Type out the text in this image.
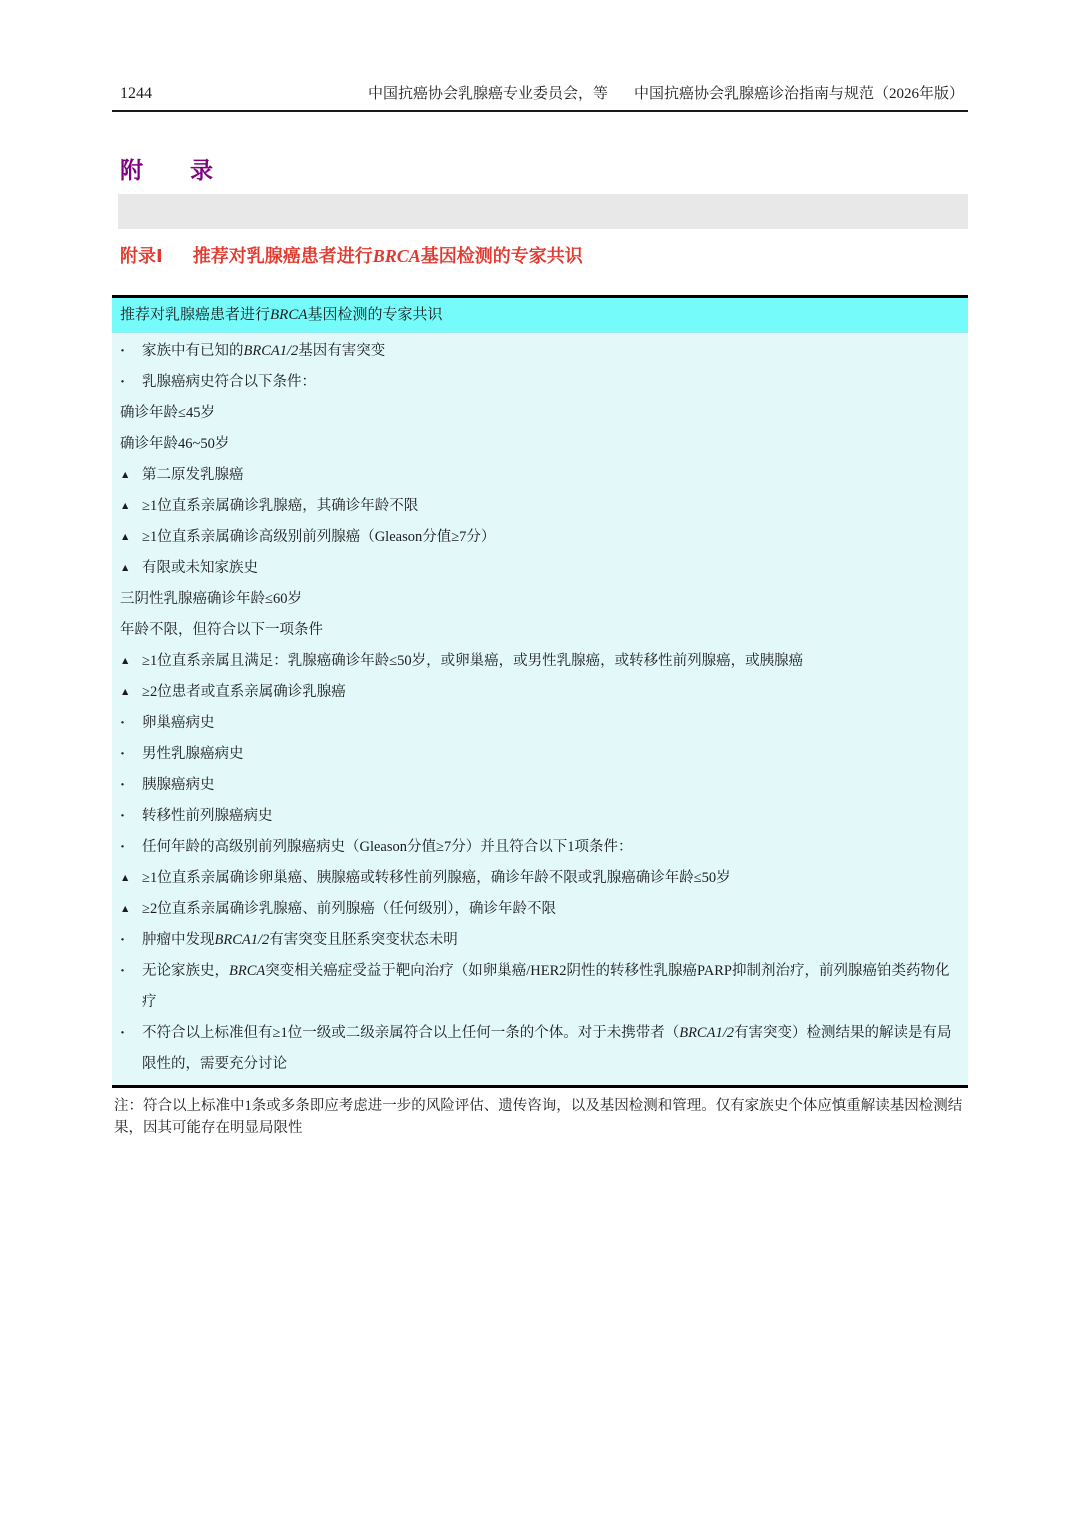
1244	中国抗癌协会乳腺癌专业委员会，等 中国抗癌协会乳腺癌诊治指南与规范（2026年版）
附　录
附录Ⅰ 推荐对乳腺癌患者进行BRCA基因检测的专家共识
推荐对乳腺癌患者进行BRCA基因检测的专家共识
·	家族中有已知的BRCA1/2基因有害突变
·	乳腺癌病史符合以下条件：
确诊年龄≤45岁
确诊年龄46~50岁
▲ 第二原发乳腺癌
▲ ≥1位直系亲属确诊乳腺癌，其确诊年龄不限
▲ ≥1位直系亲属确诊高级别前列腺癌（Gleason分值≥7分）
▲ 有限或未知家族史
三阴性乳腺癌确诊年龄≤60岁
年龄不限，但符合以下一项条件
▲ ≥1位直系亲属且满足：乳腺癌确诊年龄≤50岁，或卵巢癌，或男性乳腺癌，或转移性前列腺癌，或胰腺癌
▲ ≥2位患者或直系亲属确诊乳腺癌
·	卵巢癌病史
·	男性乳腺癌病史
·	胰腺癌病史
·	转移性前列腺癌病史
·	任何年龄的高级别前列腺癌病史（Gleason分值≥7分）并且符合以下1项条件：
▲ ≥1位直系亲属确诊卵巢癌、胰腺癌或转移性前列腺癌，确诊年龄不限或乳腺癌确诊年龄≤50岁
▲ ≥2位直系亲属确诊乳腺癌、前列腺癌（任何级别），确诊年龄不限
·	肿瘤中发现BRCA1/2有害突变且胚系突变状态未明
·	无论家族史，BRCA突变相关癌症受益于靶向治疗（如卵巢癌/HER2阴性的转移性乳腺癌PARP抑制剂治疗，前列腺癌铂类药物化疗
·	不符合以上标准但有≥1位一级或二级亲属符合以上任何一条的个体。对于未携带者（BRCA1/2有害突变）检测结果的解读是有局限性的，需要充分讨论
注：符合以上标准中1条或多条即应考虑进一步的风险评估、遗传咨询，以及基因检测和管理。仅有家族史个体应慎重解读基因检测结果，因其可能存在明显局限性
